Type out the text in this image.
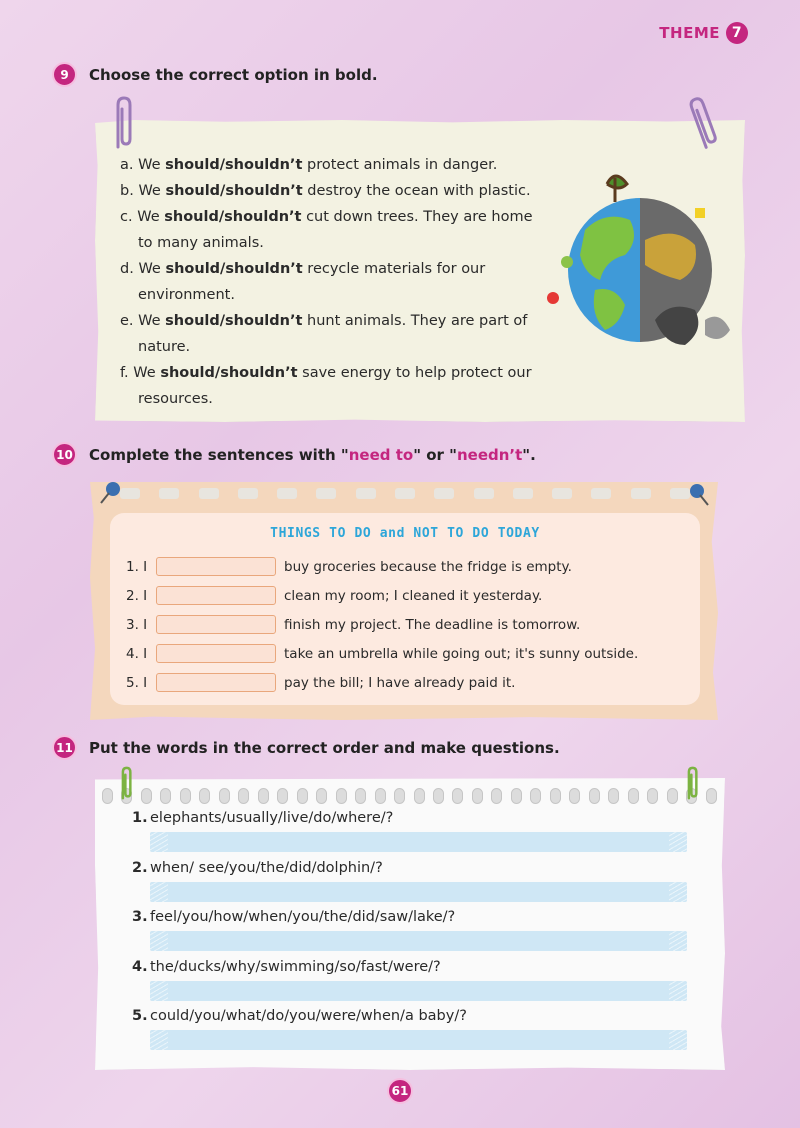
THEME 7
9	Choose the correct option in bold.
a. We should/shouldn’t protect animals in danger.
b. We should/shouldn’t destroy the ocean with plastic.
c. We should/shouldn’t cut down trees. They are home to many animals.
d. We should/shouldn’t recycle materials for our environment.
e. We should/shouldn’t hunt animals. They are part of nature.
f. We should/shouldn’t save energy to help protect our resources.
10 Complete the sentences with "need to" or "needn’t".
THINGS TO DO and NOT TO DO TODAY
1. I	buy groceries because the fridge is empty.
2. I	clean my room; I cleaned it yesterday.
3. I	finish my project. The deadline is tomorrow.
4. I	take an umbrella while going out; it's sunny outside.
5. I	pay the bill; I have already paid it.
11 Put the words in the correct order and make questions.
1. elephants/usually/live/do/where/?
2. when/ see/you/the/did/dolphin/?
3. feel/you/how/when/you/the/did/saw/lake/?
4. the/ducks/why/swimming/so/fast/were/?
5. could/you/what/do/you/were/when/a baby/?
61
